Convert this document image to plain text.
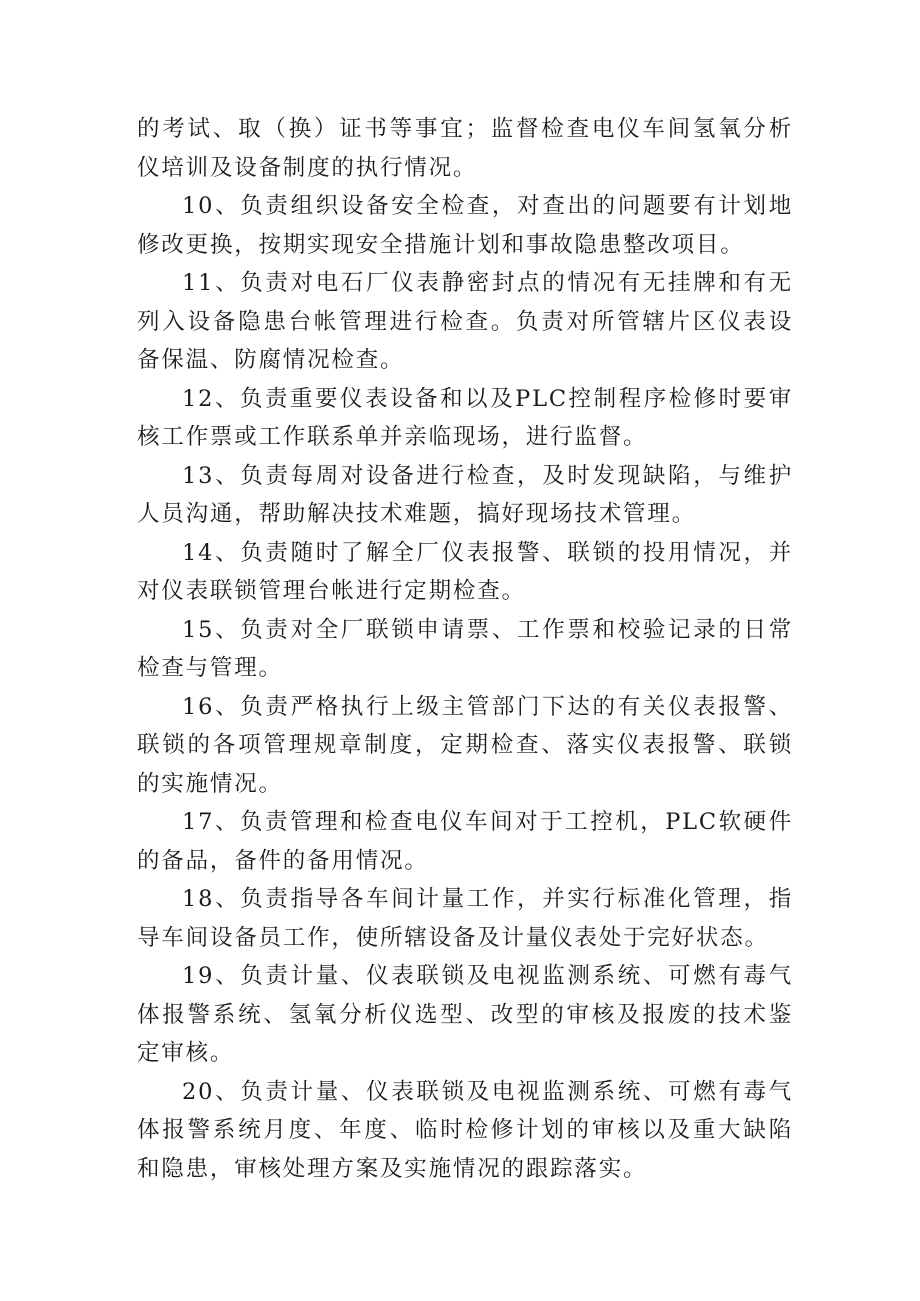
的考试、取（换）证书等事宜；监督检查电仪车间氢氧分析仪培训及设备制度的执行情况。

10、负责组织设备安全检查，对查出的问题要有计划地修改更换，按期实现安全措施计划和事故隐患整改项目。

11、负责对电石厂仪表静密封点的情况有无挂牌和有无列入设备隐患台帐管理进行检查。负责对所管辖片区仪表设备保温、防腐情况检查。

12、负责重要仪表设备和以及PLC控制程序检修时要审核工作票或工作联系单并亲临现场，进行监督。

13、负责每周对设备进行检查，及时发现缺陷，与维护人员沟通，帮助解决技术难题，搞好现场技术管理。

14、负责随时了解全厂仪表报警、联锁的投用情况，并对仪表联锁管理台帐进行定期检查。

15、负责对全厂联锁申请票、工作票和校验记录的日常检查与管理。

16、负责严格执行上级主管部门下达的有关仪表报警、联锁的各项管理规章制度，定期检查、落实仪表报警、联锁的实施情况。

17、负责管理和检查电仪车间对于工控机，PLC软硬件的备品，备件的备用情况。

18、负责指导各车间计量工作，并实行标准化管理，指导车间设备员工作，使所辖设备及计量仪表处于完好状态。

19、负责计量、仪表联锁及电视监测系统、可燃有毒气体报警系统、氢氧分析仪选型、改型的审核及报废的技术鉴定审核。

20、负责计量、仪表联锁及电视监测系统、可燃有毒气体报警系统月度、年度、临时检修计划的审核以及重大缺陷和隐患，审核处理方案及实施情况的跟踪落实。
